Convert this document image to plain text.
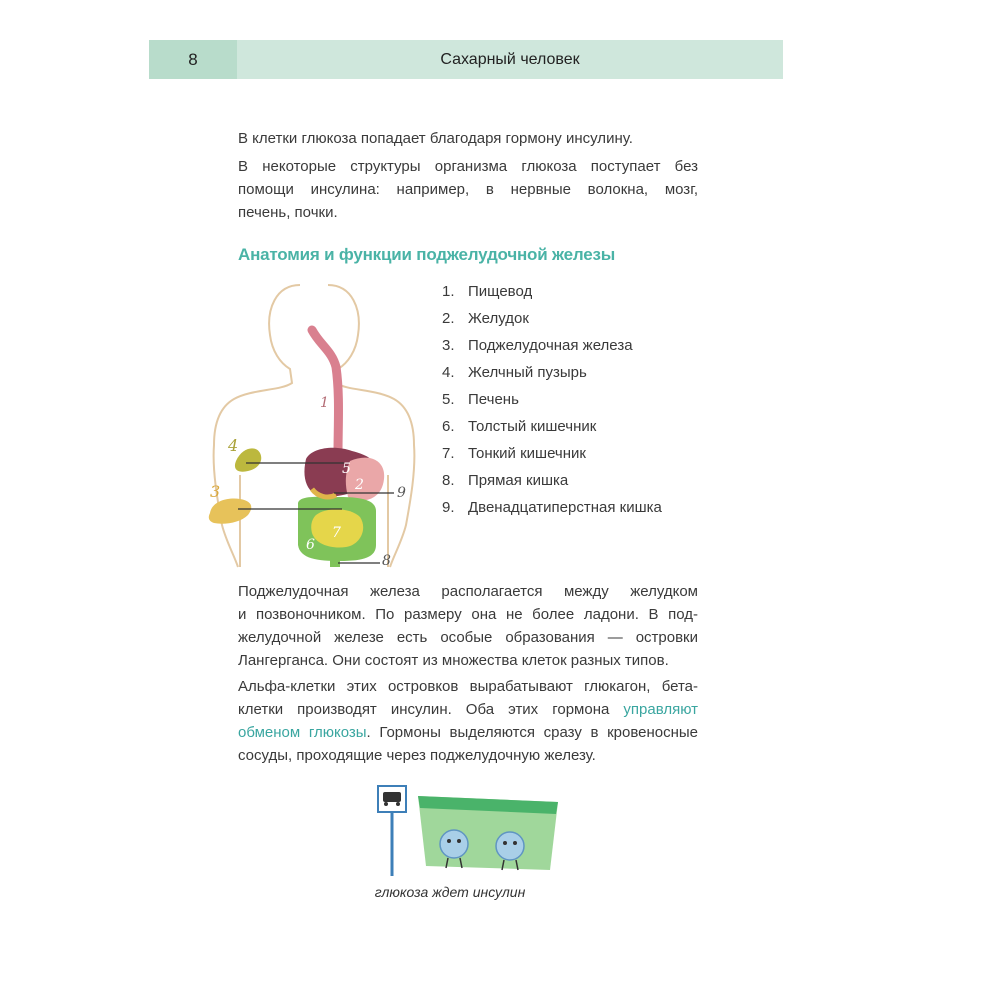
8	Сахарный человек

В клетки глюкоза попадает благодаря гормону инсулину.

В некоторые структуры организма глюкоза поступает без
помощи инсулина: например, в нервные волокна, мозг,
печень, почки.

Анатомия и функции поджелудочной железы
1
4
3
5
2 9
7
6
8
1. Пищевод
2. Желудок
3. Поджелудочная железа
4. Желчный пузырь
5. Печень
6. Толстый кишечник
7. Тонкий кишечник
8. Прямая кишка
9. Двенадцатиперстная кишка

Поджелудочная железа располагается между желудком
и позвоночником. По размеру она не более ладони. В под-
желудочной железе есть особые образования — островки
Лангерганса. Они состоят из множества клеток разных типов.

Альфа-клетки этих островков вырабатывают глюкагон, бета-
клетки производят инсулин. Оба этих гормона управляют
обменом глюкозы. Гормоны выделяются сразу в кровеносные
сосуды, проходящие через поджелудочную железу.

глюкоза ждет инсулин
